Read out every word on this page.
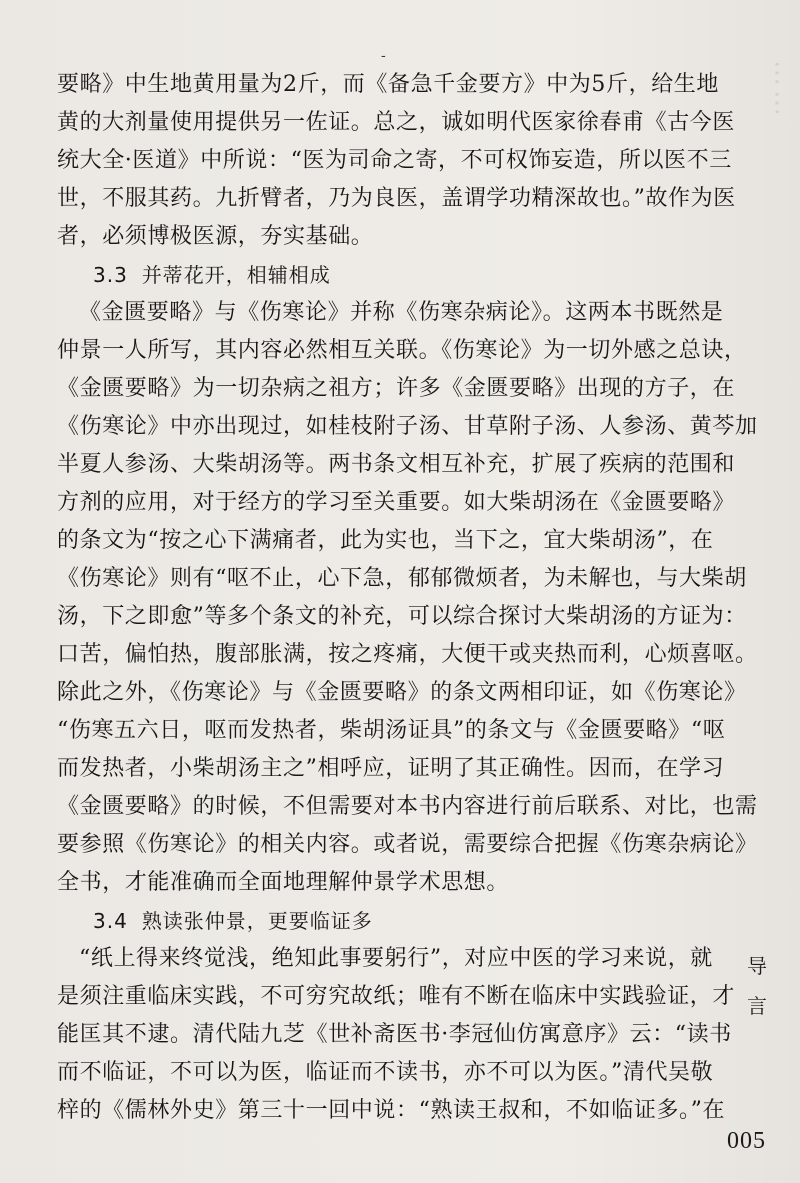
⋯⋯
-
要略》中生地黄用量为2斤，而《备急千金要方》中为5斤，给生地
黄的大剂量使用提供另一佐证。总之，诚如明代医家徐春甫《古今医
统大全·医道》中所说：“医为司命之寄，不可权饰妄造，所以医不三
世，不服其药。九折臂者，乃为良医，盖谓学功精深故也。”故作为医
者，必须博极医源，夯实基础。
3.3 并蒂花开，相辅相成
《金匮要略》与《伤寒论》并称《伤寒杂病论》。这两本书既然是
仲景一人所写，其内容必然相互关联。《伤寒论》为一切外感之总诀，
《金匮要略》为一切杂病之祖方；许多《金匮要略》出现的方子，在
《伤寒论》中亦出现过，如桂枝附子汤、甘草附子汤、人参汤、黄芩加
半夏人参汤、大柴胡汤等。两书条文相互补充，扩展了疾病的范围和
方剂的应用，对于经方的学习至关重要。如大柴胡汤在《金匮要略》
的条文为“按之心下满痛者，此为实也，当下之，宜大柴胡汤”，在
《伤寒论》则有“呕不止，心下急，郁郁微烦者，为未解也，与大柴胡
汤，下之即愈”等多个条文的补充，可以综合探讨大柴胡汤的方证为：
口苦，偏怕热，腹部胀满，按之疼痛，大便干或夹热而利，心烦喜呕。
除此之外，《伤寒论》与《金匮要略》的条文两相印证，如《伤寒论》
“伤寒五六日，呕而发热者，柴胡汤证具”的条文与《金匮要略》“呕
而发热者，小柴胡汤主之”相呼应，证明了其正确性。因而，在学习
《金匮要略》的时候，不但需要对本书内容进行前后联系、对比，也需
要参照《伤寒论》的相关内容。或者说，需要综合把握《伤寒杂病论》
全书，才能准确而全面地理解仲景学术思想。
3.4 熟读张仲景，更要临证多
“纸上得来终觉浅，绝知此事要躬行”，对应中医的学习来说，就
是须注重临床实践，不可穷究故纸；唯有不断在临床中实践验证，才
能匡其不逮。清代陆九芝《世补斋医书·李冠仙仿寓意序》云：“读书
而不临证，不可以为医，临证而不读书，亦不可以为医。”清代吴敬
梓的《儒林外史》第三十一回中说：“熟读王叔和，不如临证多。”在
导
言
005
